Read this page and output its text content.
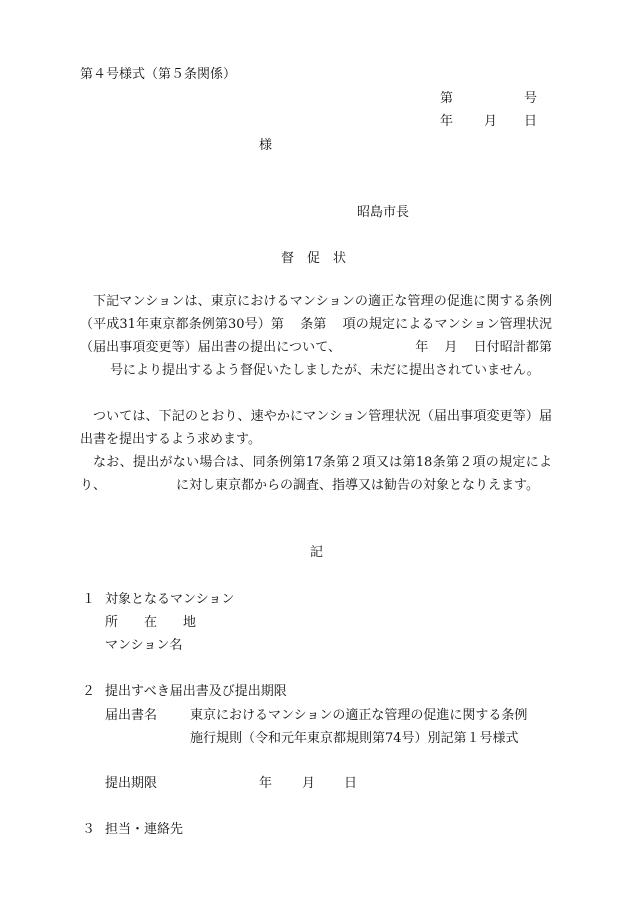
第４号様式（第５条関係）
第	号
年 月 日
様
昭島市長
督　促　状
下記マンションは、東京におけるマンションの適正な管理の促進に関する条例（平成31年東京都条例第30号）第 条第 項の規定によるマンション管理状況（届出事項変更等）届出書の提出について、	年 月 日付昭計都第号により提出するよう督促いたしましたが、未だに提出されていません。
ついては、下記のとおり、速やかにマンション管理状況（届出事項変更等）届出書を提出するよう求めます。
なお、提出がない場合は、同条例第17条第２項又は第18条第２項の規定により、	に対し東京都からの調査、指導又は勧告の対象となりえます。
記
１ 対象となるマンション
所　　在　　地
マンション名
２ 提出すべき届出書及び提出期限
届出書名	東京におけるマンションの適正な管理の促進に関する条例
施行規則（令和元年東京都規則第74号）別記第１号様式
提出期限	年 月 日
３ 担当・連絡先
